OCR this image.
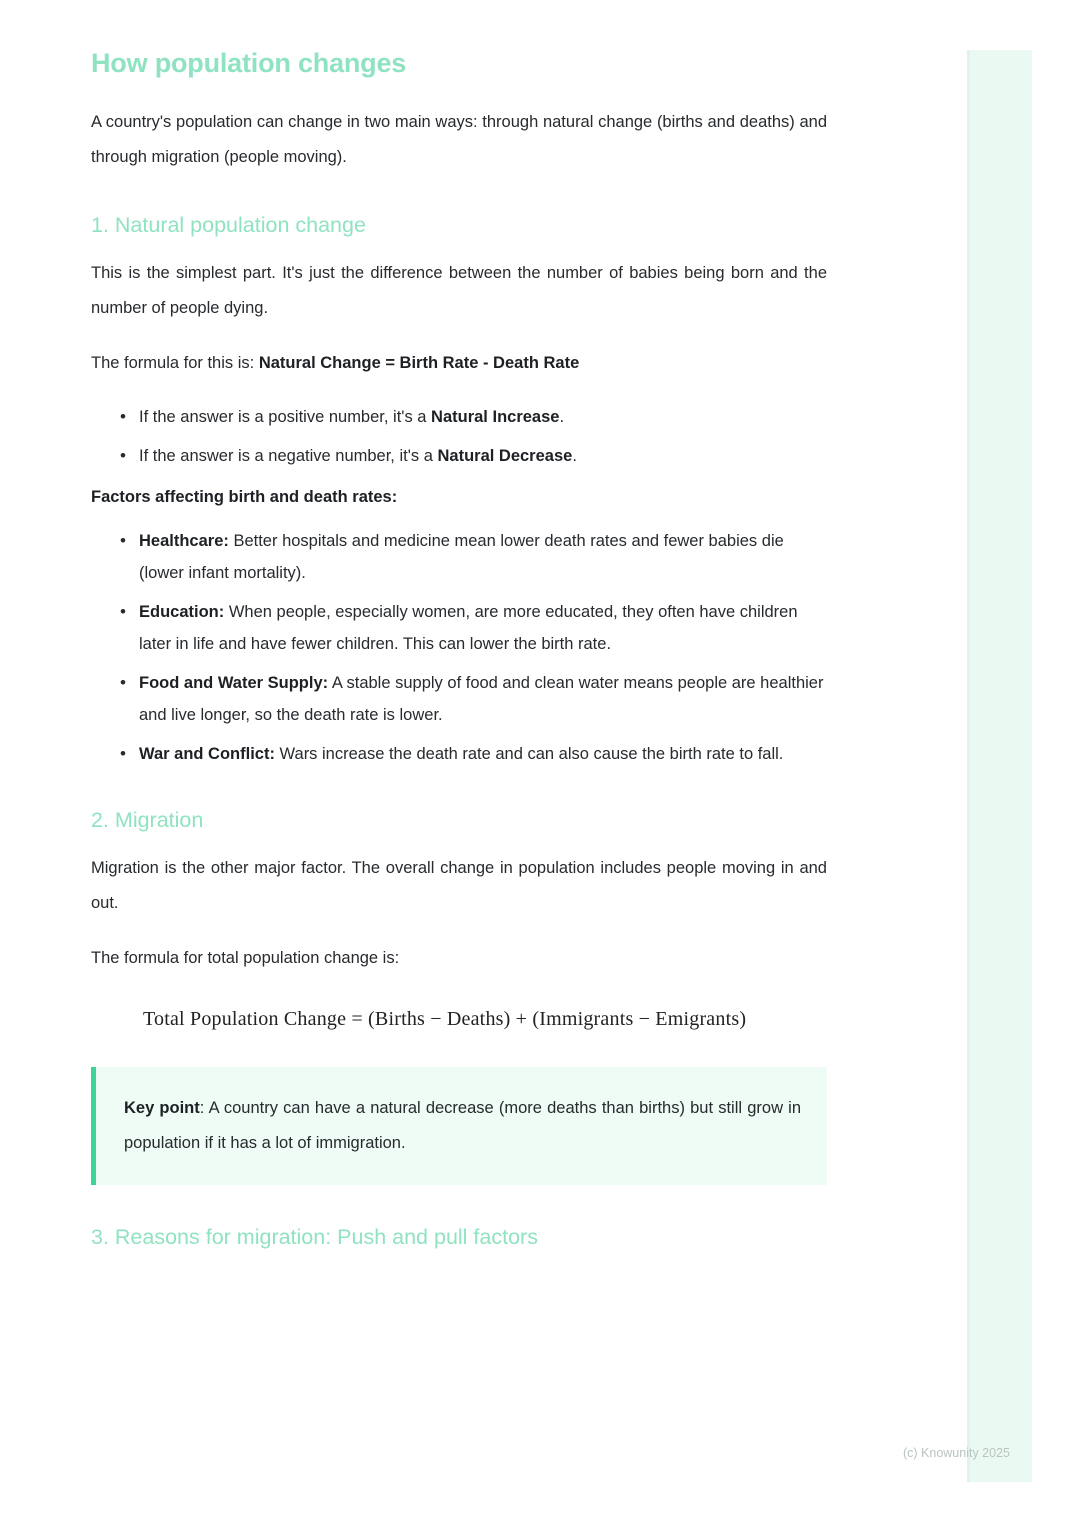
How population changes

A country's population can change in two main ways: through natural change (births and deaths) and through migration (people moving).

1. Natural population change

This is the simplest part. It's just the difference between the number of babies being born and the number of people dying.

The formula for this is: Natural Change = Birth Rate - Death Rate

• If the answer is a positive number, it's a Natural Increase.
• If the answer is a negative number, it's a Natural Decrease.

Factors affecting birth and death rates:

• Healthcare: Better hospitals and medicine mean lower death rates and fewer babies die (lower infant mortality).
• Education: When people, especially women, are more educated, they often have children later in life and have fewer children. This can lower the birth rate.
• Food and Water Supply: A stable supply of food and clean water means people are healthier and live longer, so the death rate is lower.
• War and Conflict: Wars increase the death rate and can also cause the birth rate to fall.
2. Migration

Migration is the other major factor. The overall change in population includes people moving in and out.

The formula for total population change is:

Total Population Change = (Births − Deaths) + (Immigrants − Emigrants)

Key point: A country can have a natural decrease (more deaths than births) but still grow in population if it has a lot of immigration.

3. Reasons for migration: Push and pull factors
(c) Knowunity 2025
